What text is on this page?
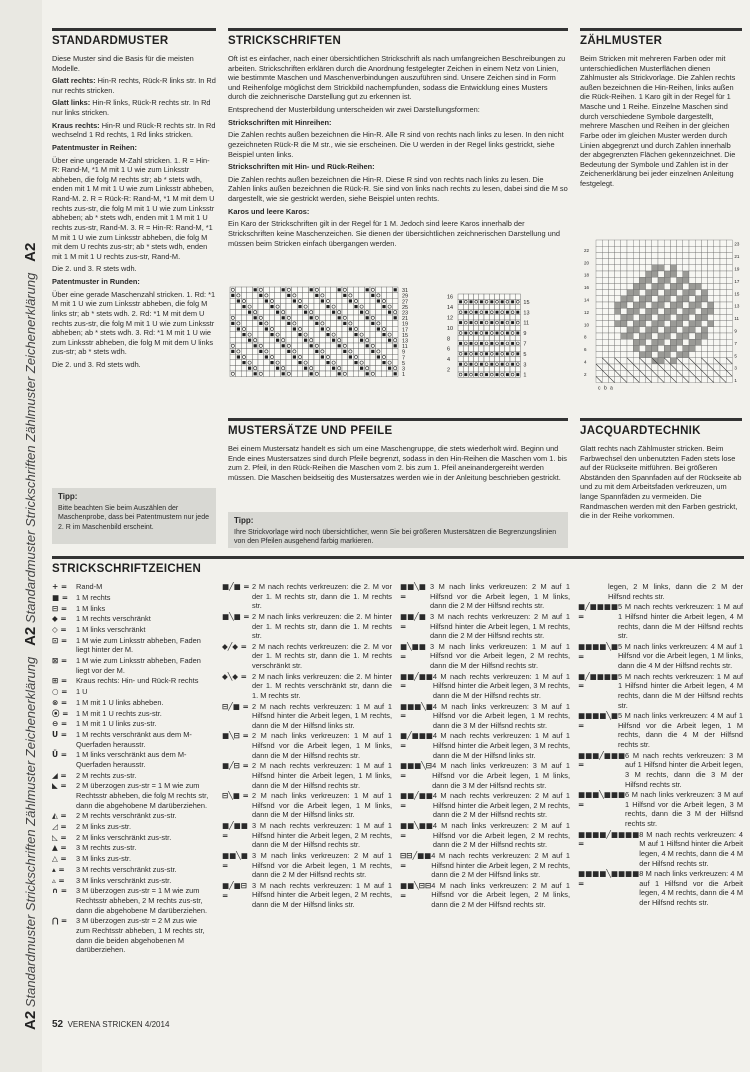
A2 Standardmuster Strickschriften Zählmuster Zeichenerklärung   A2 Standardmuster Strickschriften Zählmuster Zeichenerklärung   A2
STANDARDMUSTER

Diese Muster sind die Basis für die meisten Modelle.

Glatt rechts: Hin-R rechts, Rück-R links str. In Rd nur rechts stricken.

Glatt links: Hin-R links, Rück-R rechts str. In Rd nur links stricken.

Kraus rechts: Hin-R und Rück-R rechts str. In Rd wechselnd 1 Rd rechts, 1 Rd links stricken.

Patentmuster in Reihen:

Über eine ungerade M-Zahl stricken. 1. R = Hin-R: Rand-M, *1 M mit 1 U wie zum Linksstr abheben, die folg M rechts str; ab * stets wdh, enden mit 1 M mit 1 U wie zum Linksstr abheben, Rand-M. 2. R = Rück-R: Rand-M, *1 M mit dem U rechts zus-str, die folg M mit 1 U wie zum Linksstr abheben; ab * stets wdh, enden mit 1 M mit 1 U rechts zus-str, Rand-M. 3. R = Hin-R: Rand-M, *1 M mit 1 U wie zum Linksstr abheben, die folg M mit dem U rechts zus-str; ab * stets wdh, enden mit 1 M mit 1 U rechts zus-str, Rand-M.

Die 2. und 3. R stets wdh.

Patentmuster in Runden:

Über eine gerade Maschenzahl stricken. 1. Rd: *1 M mit 1 U wie zum Linksstr abheben, die folg M links str; ab * stets wdh. 2. Rd: *1 M mit dem U rechts zus-str, die folg M mit 1 U wie zum Linksstr abheben; ab * stets wdh. 3. Rd: *1 M mit 1 U wie zum Linksstr abheben, die folg M mit dem U links zus-str; ab * stets wdh.

Die 2. und 3. Rd stets wdh.

Tipp:
Bitte beachten Sie beim Auszählen der Maschenprobe, dass bei Patentmustern nur jede 2. R im Maschenbild erscheint.
STRICKSCHRIFTEN

Oft ist es einfacher, nach einer übersichtlichen Strickschrift als nach umfangreichen Beschreibungen zu arbeiten. Strickschriften erklären durch die Anordnung festgelegter Zeichen in einem Netz von Linien, wie bestimmte Maschen und Maschenverbindungen auszuführen sind. Unsere Zeichen sind in Form und Reihenfolge möglichst dem Strickbild nachempfunden, sodass die Entwicklung eines Musters durch die zeichnerische Darstellung gut zu erkennen ist.

Entsprechend der Musterbildung unterscheiden wir zwei Darstellungsformen:

Strickschriften mit Hinreihen:

Die Zahlen rechts außen bezeichnen die Hin-R. Alle R sind von rechts nach links zu lesen. In den nicht gezeichneten Rück-R die M str., wie sie erscheinen. Die U werden in der Regel links gestrickt, siehe Beispiel unten links.

Strickschriften mit Hin- und Rück-Reihen:

Die Zahlen rechts außen bezeichnen die Hin-R. Diese R sind von rechts nach links zu lesen. Die Zahlen links außen bezeichnen die Rück-R. Sie sind von links nach rechts zu lesen, dabei sind die M so dargestellt, wie sie gestrickt werden, siehe Beispiel unten rechts.

Karos und leere Karos:

Ein Karo der Strickschriften gilt in der Regel für 1 M. Jedoch sind leere Karos innerhalb der Strickschriften keine Maschenzeichen. Sie dienen der übersichtlichen zeichnerischen Darstellung und müssen beim Stricken einfach übergangen werden.

31
29
27
25
23
21
19
17
15
13
11
9
7
5
3
1
15
16
13
14
11
12
9
10
7
8
5
6
3
4
1
2
MUSTERSÄTZE UND PFEILE

Bei einem Mustersatz handelt es sich um eine Maschengruppe, die stets wiederholt wird. Beginn und Ende eines Mustersatzes sind durch Pfeile begrenzt, sodass in den Hin-Reihen die Maschen vom 1. bis zum 2. Pfeil, in den Rück-Reihen die Maschen vom 2. bis zum 1. Pfeil aneinandergereiht werden müssen. Die Maschen beidseitig des Mustersatzes werden wie in der Anleitung beschrieben gestrickt.

Tipp:
Ihre Strickvorlage wird noch übersichtlicher, wenn Sie bei größeren Mustersätzen die Begrenzungslinien von den Pfeilen ausgehend farbig markieren.
ZÄHLMUSTER

Beim Stricken mit mehreren Farben oder mit unterschiedlichen Musterflächen dienen Zählmuster als Strickvorlage. Die Zahlen rechts außen bezeichnen die Hin-Reihen, links außen die Rück-Reihen. 1 Karo gilt in der Regel für 1 Masche und 1 Reihe. Einzelne Maschen sind durch verschiedene Symbole dargestellt, mehrere Maschen und Reihen in der gleichen Farbe oder im gleichen Muster werden durch Linien abgegrenzt und durch Zahlen innerhalb der abgegrenzten Flächen gekennzeichnet. Die Bedeutung der Symbole und Zahlen ist in der Zeichenerklärung bei jeder einzelnen Anleitung festgelegt.

23
21
19
17
15
13
11
9
7
5
3
1
22
20
18
16
14
12
10
8
6
4
2
c b a
JACQUARDTECHNIK

Glatt rechts nach Zählmuster stricken. Beim Farbwechsel den unbenutzten Faden stets lose auf der Rückseite mitführen. Bei größeren Abständen den Spannfaden auf der Rückseite ab und zu mit dem Arbeitsfaden verkreuzen, um lange Spannfäden zu vermeiden. Die Randmaschen werden mit den Farben gestrickt, die in der Reihe vorkommen.

STRICKSCHRIFTZEICHEN
+ =	Rand-M
■ =	1 M rechts
⊟ =	1 M links
◆ =	1 M rechts verschränkt
◇ =	1 M links verschränkt
⊡ =	1 M wie zum Linksstr abheben, Faden liegt hinter der M.
⊠ =	1 M wie zum Linksstr abheben, Faden liegt vor der M.
⊞ =	Kraus rechts: Hin- und Rück-R rechts
○ =	1 U
⊗ =	1 M mit 1 U links abheben.
⦿ =	1 M mit 1 U rechts zus-str.
⊖ =	1 M mit 1 U links zus-str.
U =	1 M rechts verschränkt aus dem M-Querfaden herausstr.
Ü =	1 M links verschränkt aus dem M-Querfaden herausstr.
◢ =	2 M rechts zus-str.
◣ =	2 M überzogen zus-str = 1 M wie zum Rechtsstr abheben, die folg M rechts str, dann die abgehobene M darüberziehen.
◭ =	2 M rechts verschränkt zus-str.
◿ =	2 M links zus-str.
◺ =	2 M links verschränkt zus-str.
▲ =	3 M rechts zus-str.
△ =	3 M links zus-str.
▴ =	3 M rechts verschränkt zus-str.
▵ =	3 M links verschränkt zus-str.
∩ =	3 M überzogen zus-str = 1 M wie zum Rechtsstr abheben, 2 M rechts zus-str, dann die abgehobene M darüberziehen.
⋂ =	3 M überzogen zus-str = 2 M zus wie zum Rechtsstr abheben, 1 M rechts str, dann die beiden abgehobenen M darüberziehen.
■╱■ = 2 M nach rechts verkreuzen: die 2. M vor der 1. M rechts str, dann die 1. M rechts str.
■╲■ = 2 M nach links verkreuzen: die 2. M hinter der 1. M rechts str, dann die 1. M rechts str.
◆╱◆ = 2 M nach rechts verkreuzen: die 2. M vor der 1. M rechts str, dann die 1. M rechts verschränkt str.
◆╲◆ = 2 M nach links verkreuzen: die 2. M hinter der 1. M rechts verschränkt str, dann die 1. M rechts str.
⊟╱■ = 2 M nach rechts verkreuzen: 1 M auf 1 Hilfsnd hinter die Arbeit legen, 1 M rechts, dann die M der Hilfsnd links str.
■╲⊟ = 2 M nach links verkreuzen: 1 M auf 1 Hilfsnd vor die Arbeit legen, 1 M links, dann die M der Hilfsnd rechts str.
■╱⊟ = 2 M nach rechts verkreuzen: 1 M auf 1 Hilfsnd hinter die Arbeit legen, 1 M links, dann die M der Hilfsnd rechts str.
⊟╲■ = 2 M nach links verkreuzen: 1 M auf 1 Hilfsnd vor die Arbeit legen, 1 M links, dann die M der Hilfsnd links str.
■╱■■ =
3 M nach rechts verkreuzen: 1 M auf 1 Hilfsnd hinter die Arbeit legen, 2 M rechts, dann die M der Hilfsnd rechts str.
■■╲■ =
3 M nach links verkreuzen: 2 M auf 1 Hilfsnd vor die Arbeit legen, 1 M rechts, dann die 2 M der Hilfsnd rechts str.
■╱■⊟ =
3 M nach rechts verkreuzen: 1 M auf 1 Hilfsnd hinter die Arbeit legen, 2 M rechts, dann die M der Hilfsnd links str.
■■╲■ =
3 M nach links verkreuzen: 2 M auf 1 Hilfsnd vor die Arbeit legen, 1 M links, dann die 2 M der Hilfsnd rechts str.
■■╱■ =
3 M nach rechts verkreuzen: 2 M auf 1 Hilfsnd hinter die Arbeit legen, 1 M rechts, dann die 2 M der Hilfsnd rechts str.
■╲■■ =
3 M nach links verkreuzen: 1 M auf 1 Hilfsnd vor die Arbeit legen, 2 M rechts, dann die M der Hilfsnd rechts str.
■■╱■■ =
4 M nach rechts verkreuzen: 1 M auf 1 Hilfsnd hinter die Arbeit legen, 3 M rechts, dann die M der Hilfsnd rechts str.
■■■╲■ =
4 M nach links verkreuzen: 3 M auf 1 Hilfsnd vor die Arbeit legen, 1 M rechts, dann die 3 M der Hilfsnd rechts str.
■╱■■■ =
4 M nach rechts verkreuzen: 1 M auf 1 Hilfsnd hinter die Arbeit legen, 3 M rechts, dann die M der Hilfsnd links str.
■■■╲⊟ =
4 M nach links verkreuzen: 3 M auf 1 Hilfsnd vor die Arbeit legen, 1 M links, dann die 3 M der Hilfsnd rechts str.
■■╱■■ =
4 M nach rechts verkreuzen: 2 M auf 1 Hilfsnd hinter die Arbeit legen, 2 M rechts, dann die 2 M der Hilfsnd rechts str.
■■╲■■ =
4 M nach links verkreuzen: 2 M auf 1 Hilfsnd vor die Arbeit legen, 2 M rechts, dann die 2 M der Hilfsnd rechts str.
⊟⊟╱■■ =
4 M nach rechts verkreuzen: 2 M auf 1 Hilfsnd hinter die Arbeit legen, 2 M rechts, dann die 2 M der Hilfsnd links str.
■■╲⊟⊟ =
4 M nach links verkreuzen: 2 M auf 1 Hilfsnd vor die Arbeit legen, 2 M links, dann die 2 M der Hilfsnd rechts str.
legen, 2 M links, dann die 2 M der Hilfsnd rechts str.
■╱■■■■ =
5 M nach rechts verkreuzen: 1 M auf 1 Hilfsnd hinter die Arbeit legen, 4 M rechts, dann die M der Hilfsnd rechts str.
■■■■╲■ =
5 M nach links verkreuzen: 4 M auf 1 Hilfsnd vor die Arbeit legen, 1 M links, dann die 4 M der Hilfsnd rechts str.
■╱■■■■ =
5 M nach rechts verkreuzen: 1 M auf 1 Hilfsnd hinter die Arbeit legen, 4 M rechts, dann die M der Hilfsnd rechts str.
■■■■╲■ =
5 M nach links verkreuzen: 4 M auf 1 Hilfsnd vor die Arbeit legen, 1 M rechts, dann die 4 M der Hilfsnd rechts str.
■■■╱■■■ =
6 M nach rechts verkreuzen: 3 M auf 1 Hilfsnd hinter die Arbeit legen, 3 M rechts, dann die 3 M der Hilfsnd rechts str.
■■■╲■■■ =
6 M nach links verkreuzen: 3 M auf 1 Hilfsnd vor die Arbeit legen, 3 M rechts, dann die 3 M der Hilfsnd rechts str.
■■■■╱■■■■ =
8 M nach rechts verkreuzen: 4 M auf 1 Hilfsnd hinter die Arbeit legen, 4 M rechts, dann die 4 M der Hilfsnd rechts str.
■■■■╲■■■■ =
8 M nach links verkreuzen: 4 M auf 1 Hilfsnd vor die Arbeit legen, 4 M rechts, dann die 4 M der Hilfsnd rechts str.
52 VERENA STRICKEN 4/2014
